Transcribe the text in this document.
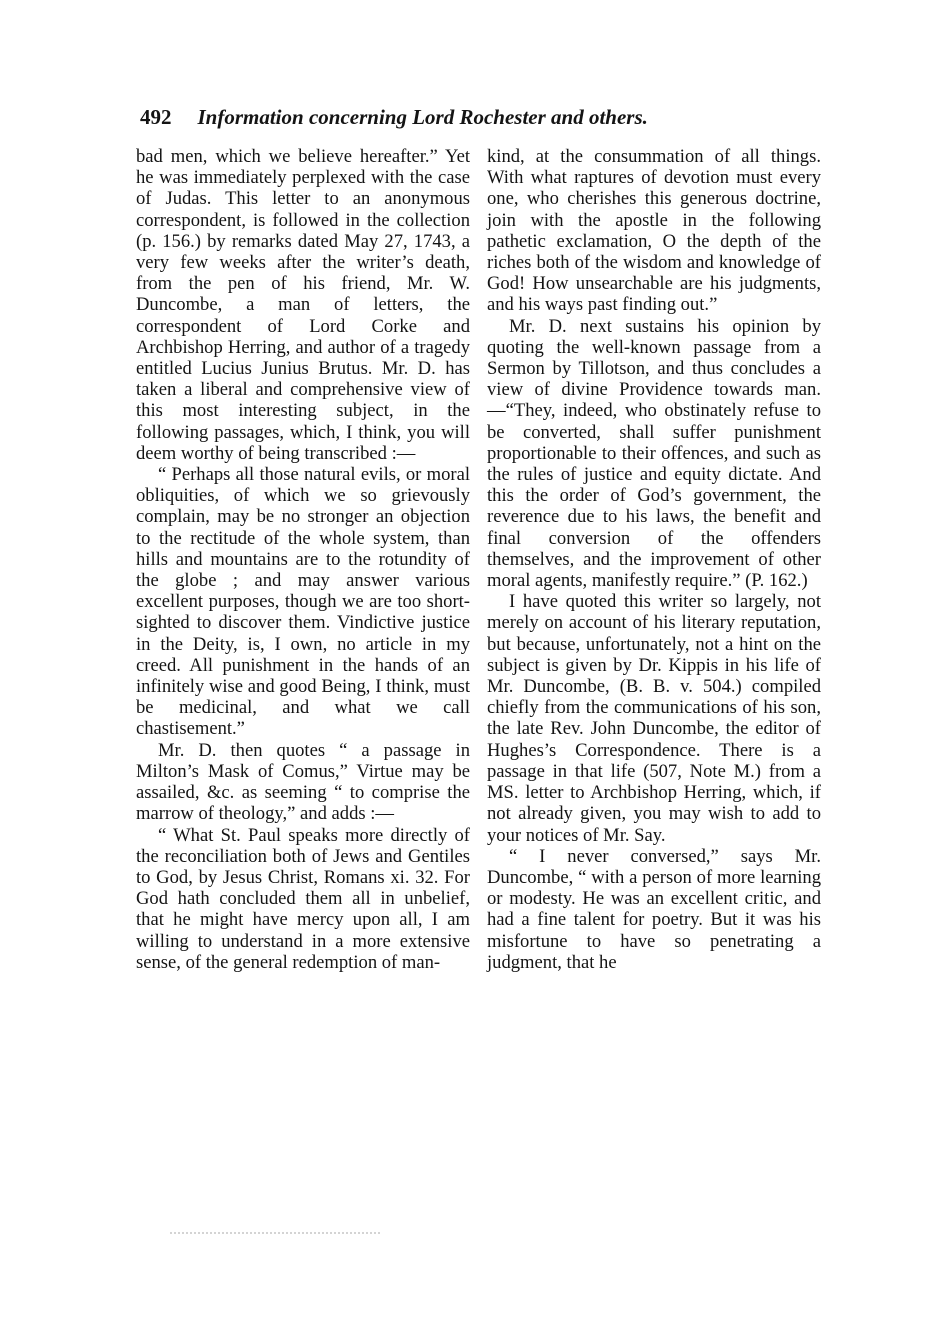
492 Information concerning Lord Rochester and others.

bad men, which we believe hereafter.” Yet he was immediately perplexed with the case of Judas. This letter to an anonymous correspondent, is followed in the collection (p. 156.) by remarks dated May 27, 1743, a very few weeks after the writer’s death, from the pen of his friend, Mr. W. Duncombe, a man of letters, the correspondent of Lord Corke and Archbishop Herring, and author of a tragedy entitled Lucius Junius Brutus. Mr. D. has taken a liberal and comprehensive view of this most interesting subject, in the following passages, which, I think, you will deem worthy of being transcribed :—

“ Perhaps all those natural evils, or moral obliquities, of which we so grievously complain, may be no stronger an objection to the rectitude of the whole system, than hills and mountains are to the rotundity of the globe ; and may answer various excellent purposes, though we are too short-sighted to discover them. Vindictive justice in the Deity, is, I own, no article in my creed. All punishment in the hands of an infinitely wise and good Being, I think, must be medicinal, and what we call chastisement.”

Mr. D. then quotes “ a passage in Milton’s Mask of Comus,” Virtue may be assailed, &c. as seeming “ to comprise the marrow of theology,” and adds :—

“ What St. Paul speaks more directly of the reconciliation both of Jews and Gentiles to God, by Jesus Christ, Romans xi. 32. For God hath concluded them all in unbelief, that he might have mercy upon all, I am willing to understand in a more extensive sense, of the general redemption of man-

kind, at the consummation of all things. With what raptures of devotion must every one, who cherishes this generous doctrine, join with the apostle in the following pathetic exclamation, O the depth of the riches both of the wisdom and knowledge of God! How unsearchable are his judgments, and his ways past finding out.”

Mr. D. next sustains his opinion by quoting the well-known passage from a Sermon by Tillotson, and thus concludes a view of divine Providence towards man.—“They, indeed, who obstinately refuse to be converted, shall suffer punishment proportionable to their offences, and such as the rules of justice and equity dictate. And this the order of God’s government, the reverence due to his laws, the benefit and final conversion of the offenders themselves, and the improvement of other moral agents, manifestly require.” (P. 162.)

I have quoted this writer so largely, not merely on account of his literary reputation, but because, unfortunately, not a hint on the subject is given by Dr. Kippis in his life of Mr. Duncombe, (B. B. v. 504.) compiled chiefly from the communications of his son, the late Rev. John Duncombe, the editor of Hughes’s Correspondence. There is a passage in that life (507, Note M.) from a MS. letter to Archbishop Herring, which, if not already given, you may wish to add to your notices of Mr. Say.

“ I never conversed,” says Mr. Duncombe, “ with a person of more learning or modesty. He was an excellent critic, and had a fine talent for poetry. But it was his misfortune to have so penetrating a judgment, that he
